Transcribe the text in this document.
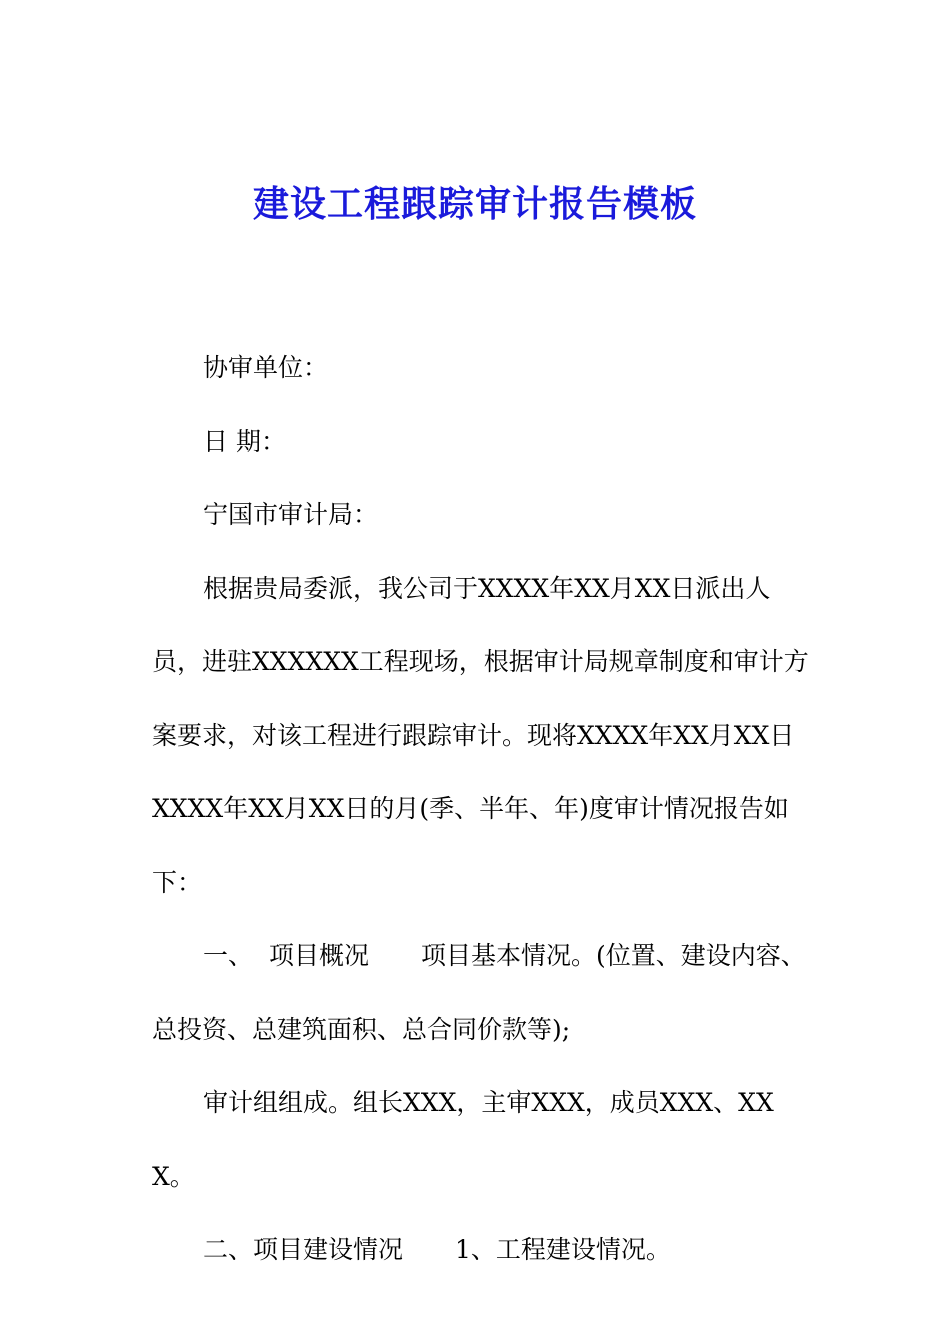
建设工程跟踪审计报告模板

协审单位：

日 期：

宁国市审计局：

根据贵局委派，我公司于XXXX年XX月XX日派出人员，进驻XXXXXX工程现场，根据审计局规章制度和审计方案要求，对该工程进行跟踪审计。现将XXXX年XX月XX日XXXX年XX月XX日的月(季、半年、年)度审计情况报告如下：

一、 项目概况 项目基本情况。(位置、建设内容、总投资、总建筑面积、总合同价款等);

审计组组成。组长XXX，主审XXX，成员XXX、XXX。

二、项目建设情况 1、工程建设情况。
